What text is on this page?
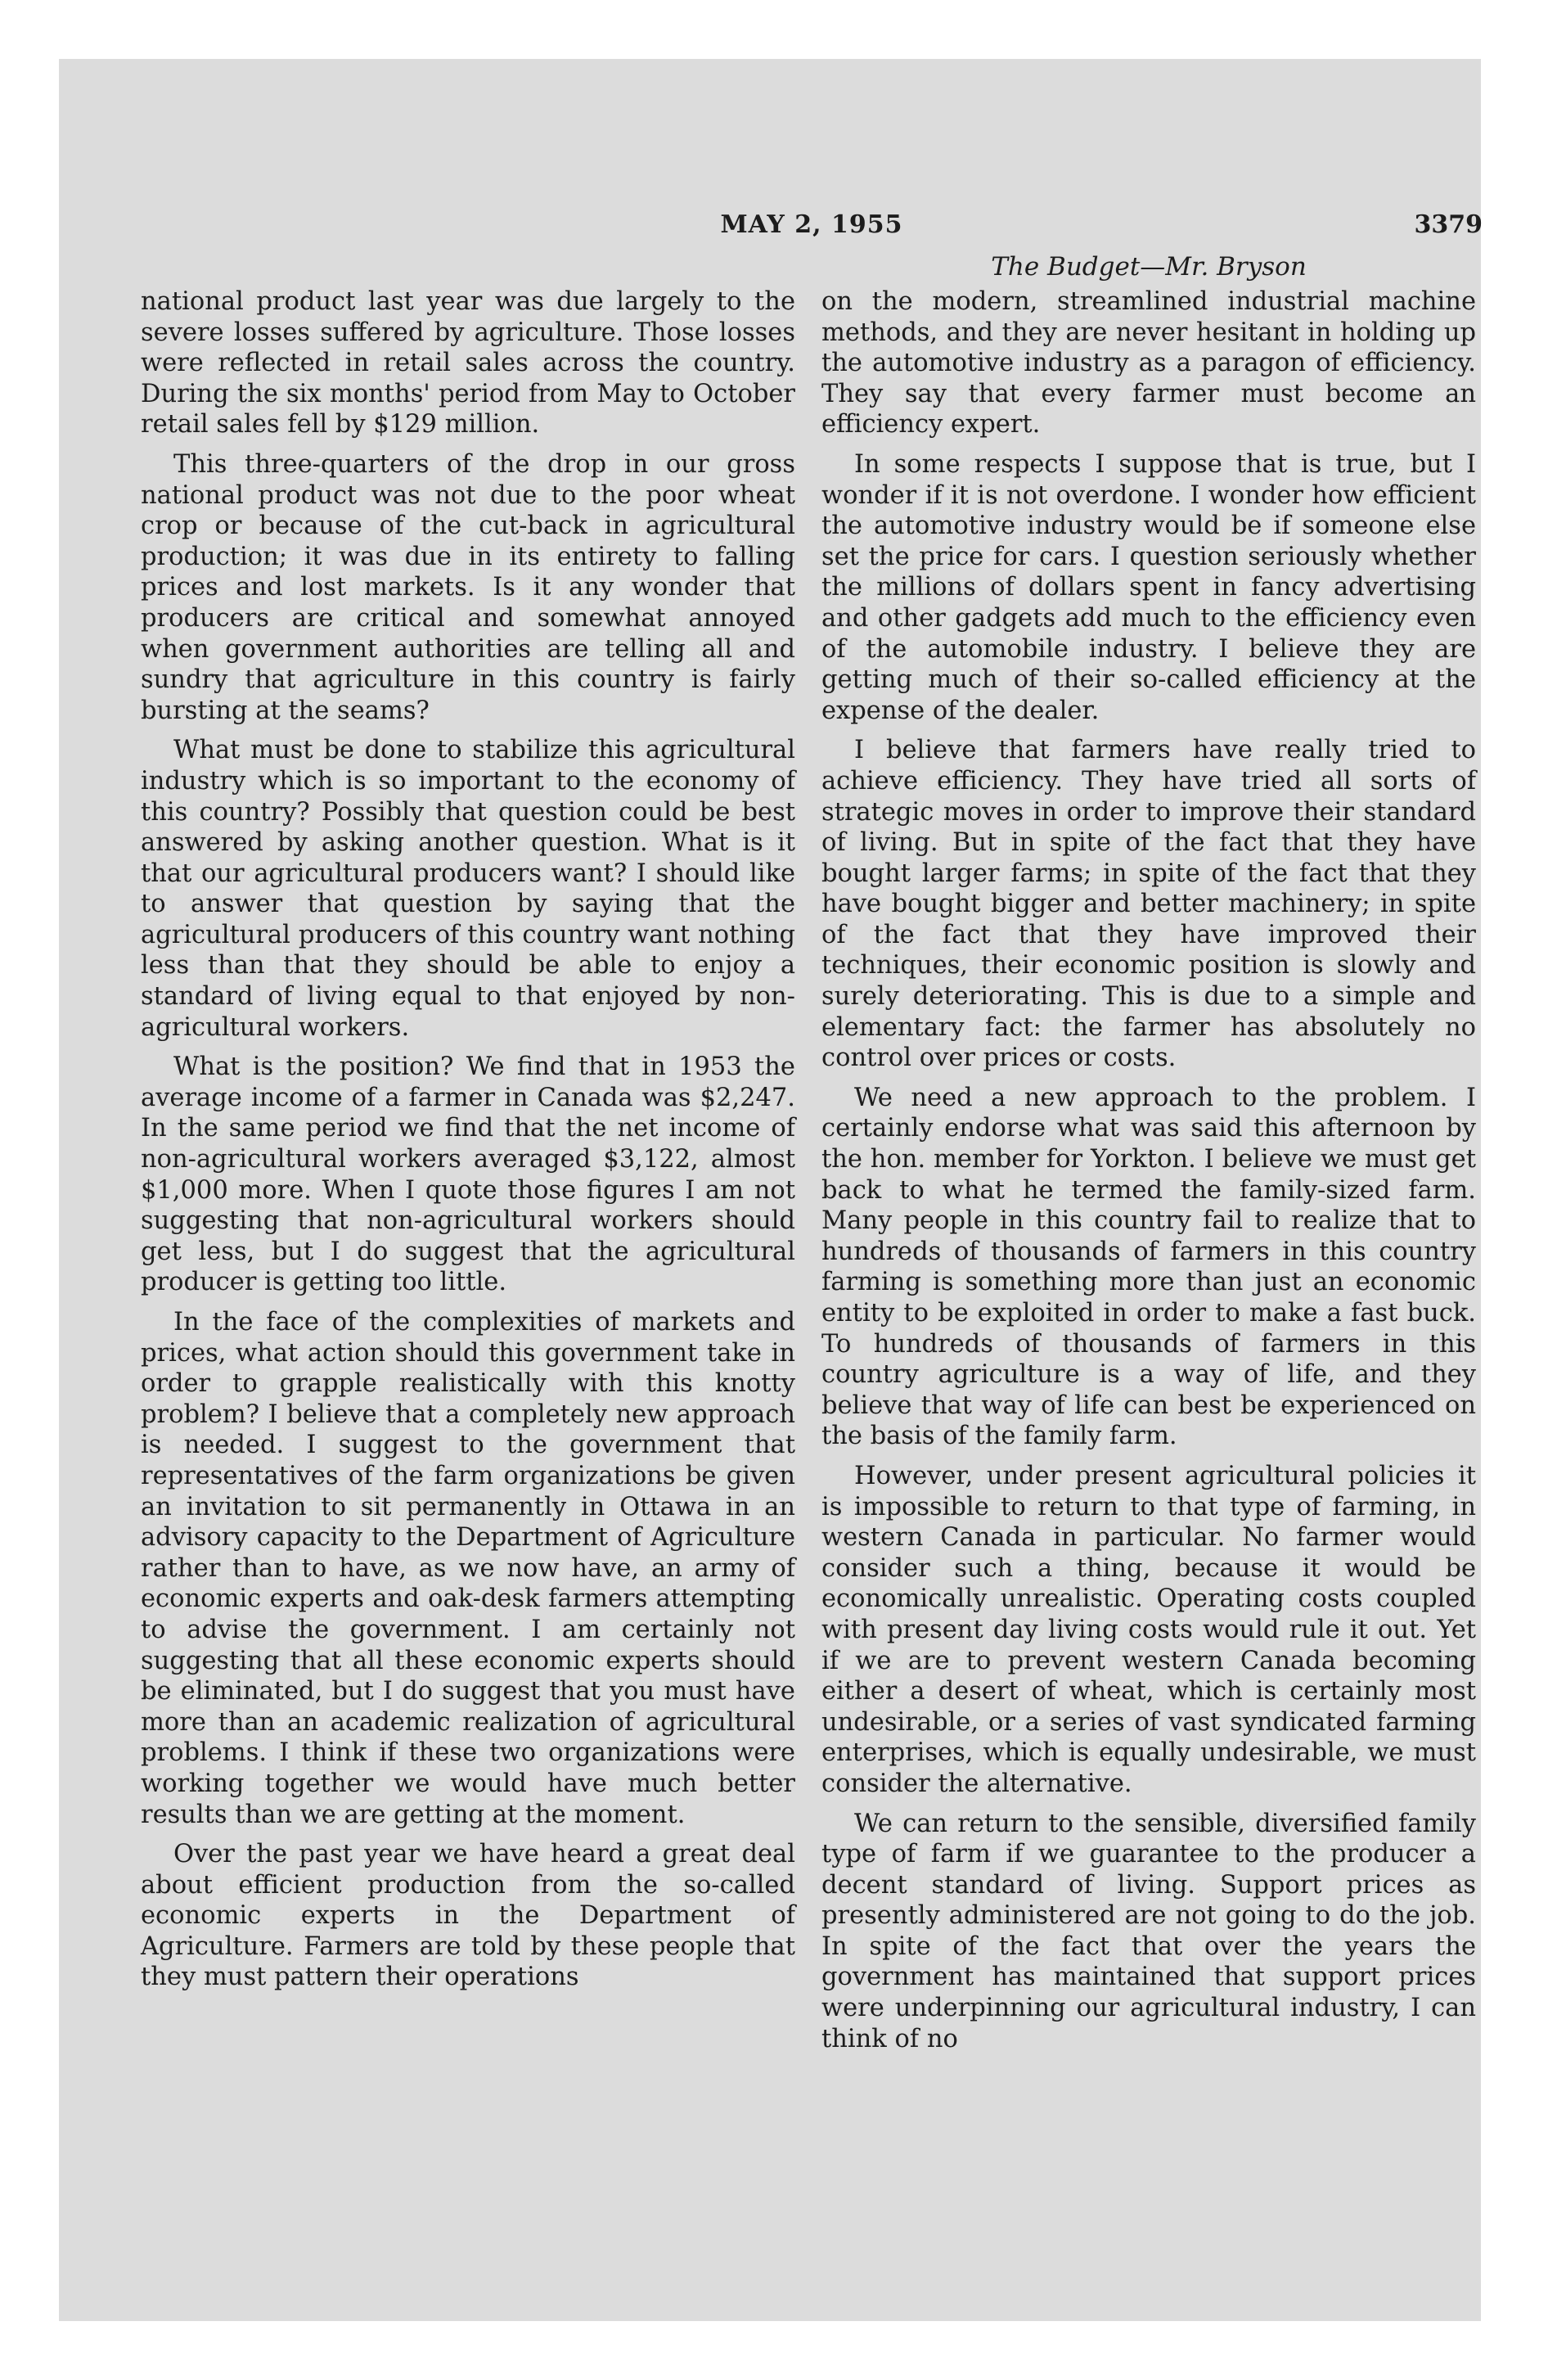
MAY 2, 1955	3379
The Budget—Mr. Bryson

national product last year was due largely to the severe losses suffered by agriculture. Those losses were reflected in retail sales across the country. During the six months' period from May to October retail sales fell by $129 million.

This three-quarters of the drop in our gross national product was not due to the poor wheat crop or because of the cut-back in agricultural production; it was due in its entirety to falling prices and lost markets. Is it any wonder that producers are critical and somewhat annoyed when government authorities are telling all and sundry that agriculture in this country is fairly bursting at the seams?

What must be done to stabilize this agricultural industry which is so important to the economy of this country? Possibly that question could be best answered by asking another question. What is it that our agricultural producers want? I should like to answer that question by saying that the agricultural producers of this country want nothing less than that they should be able to enjoy a standard of living equal to that enjoyed by non-agricultural workers.

What is the position? We find that in 1953 the average income of a farmer in Canada was $2,247. In the same period we find that the net income of non-agricultural workers averaged $3,122, almost $1,000 more. When I quote those figures I am not suggesting that non-agricultural workers should get less, but I do suggest that the agricultural producer is getting too little.

In the face of the complexities of markets and prices, what action should this government take in order to grapple realistically with this knotty problem? I believe that a completely new approach is needed. I suggest to the government that representatives of the farm organizations be given an invitation to sit permanently in Ottawa in an advisory capacity to the Department of Agriculture rather than to have, as we now have, an army of economic experts and oak-desk farmers attempting to advise the government. I am certainly not suggesting that all these economic experts should be eliminated, but I do suggest that you must have more than an academic realization of agricultural problems. I think if these two organizations were working together we would have much better results than we are getting at the moment.

Over the past year we have heard a great deal about efficient production from the so-called economic experts in the Department of Agriculture. Farmers are told by these people that they must pattern their operations

on the modern, streamlined industrial machine methods, and they are never hesitant in holding up the automotive industry as a paragon of efficiency. They say that every farmer must become an efficiency expert.

In some respects I suppose that is true, but I wonder if it is not overdone. I wonder how efficient the automotive industry would be if someone else set the price for cars. I question seriously whether the millions of dollars spent in fancy advertising and other gadgets add much to the efficiency even of the automobile industry. I believe they are getting much of their so-called efficiency at the expense of the dealer.

I believe that farmers have really tried to achieve efficiency. They have tried all sorts of strategic moves in order to improve their standard of living. But in spite of the fact that they have bought larger farms; in spite of the fact that they have bought bigger and better machinery; in spite of the fact that they have improved their techniques, their economic position is slowly and surely deteriorating. This is due to a simple and elementary fact: the farmer has absolutely no control over prices or costs.

We need a new approach to the problem. I certainly endorse what was said this afternoon by the hon. member for Yorkton. I believe we must get back to what he termed the family-sized farm. Many people in this country fail to realize that to hundreds of thousands of farmers in this country farming is something more than just an economic entity to be exploited in order to make a fast buck. To hundreds of thousands of farmers in this country agriculture is a way of life, and they believe that way of life can best be experienced on the basis of the family farm.

However, under present agricultural policies it is impossible to return to that type of farming, in western Canada in particular. No farmer would consider such a thing, because it would be economically unrealistic. Operating costs coupled with present day living costs would rule it out. Yet if we are to prevent western Canada becoming either a desert of wheat, which is certainly most undesirable, or a series of vast syndicated farming enterprises, which is equally undesirable, we must consider the alternative.

We can return to the sensible, diversified family type of farm if we guarantee to the producer a decent standard of living. Support prices as presently administered are not going to do the job. In spite of the fact that over the years the government has maintained that support prices were underpinning our agricultural industry, I can think of no
